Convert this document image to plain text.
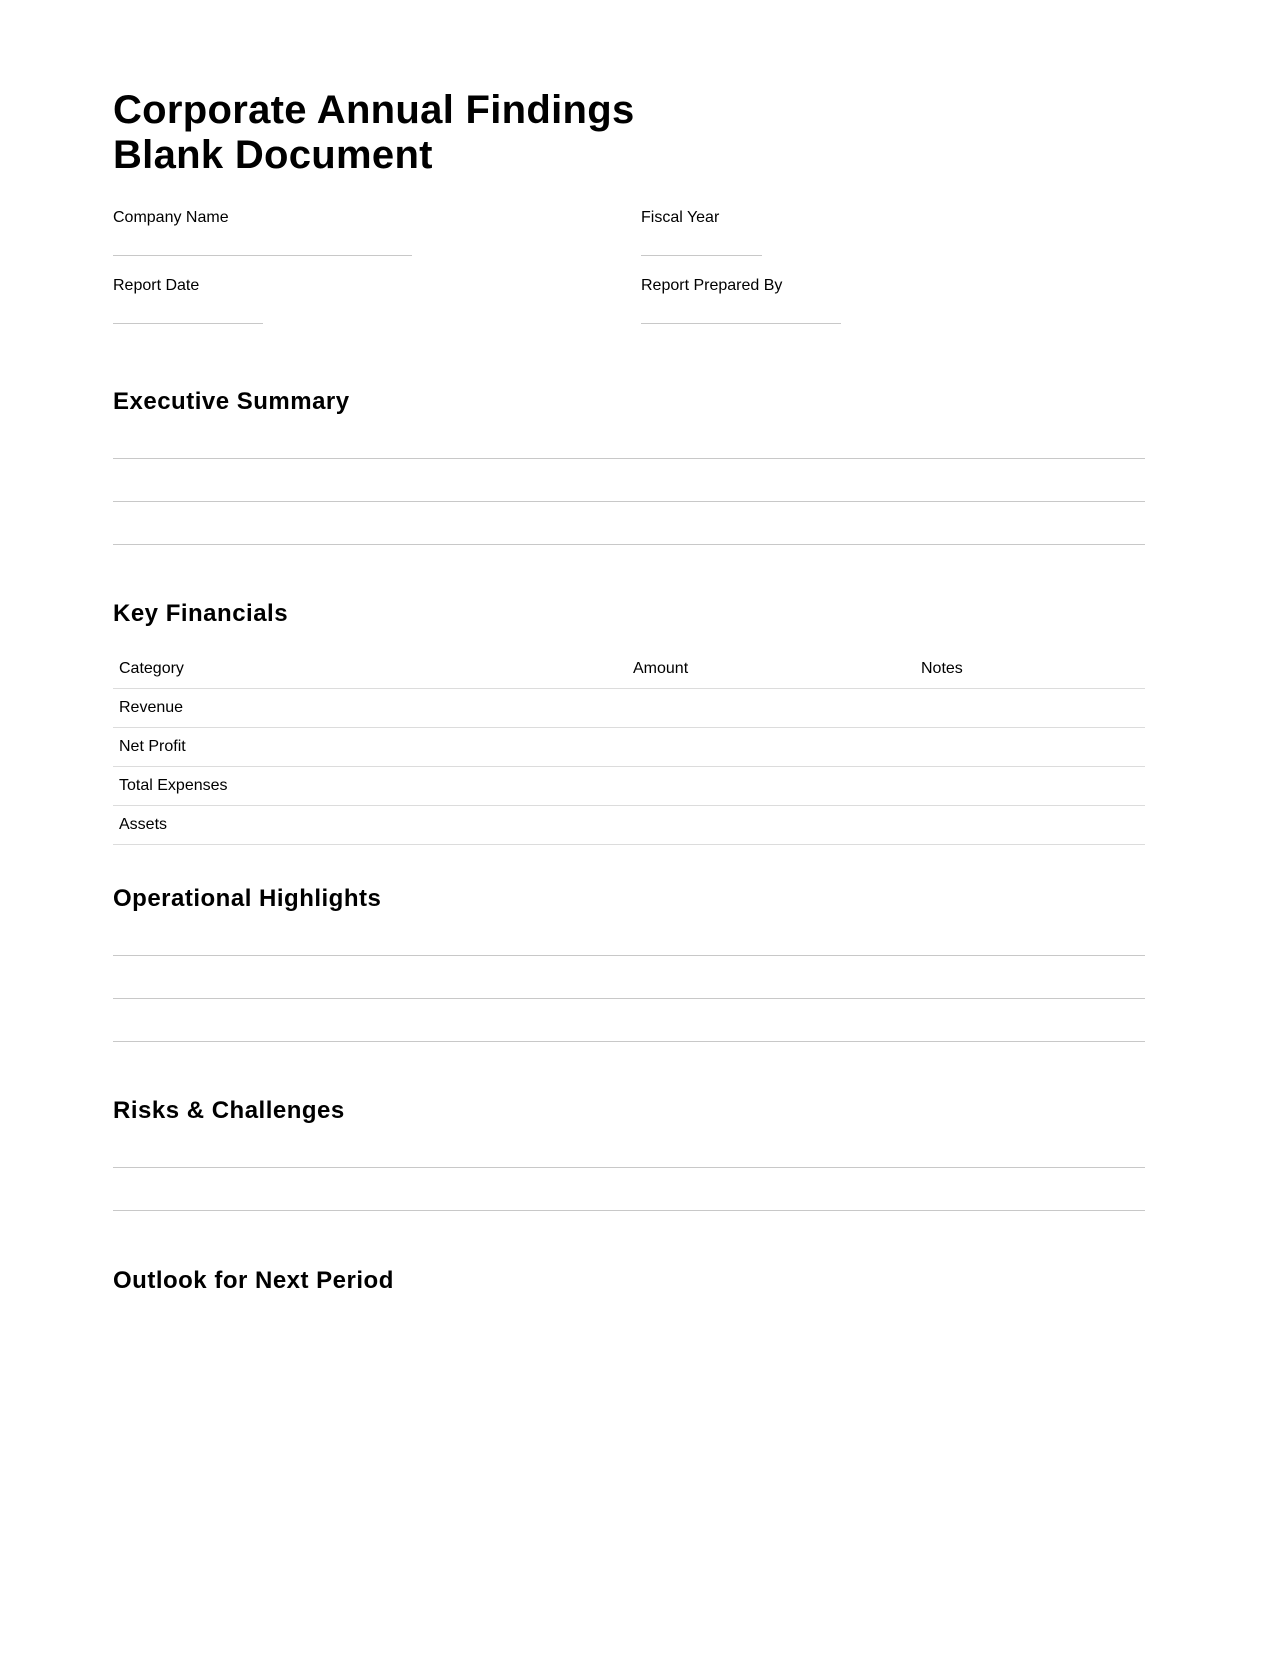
Corporate Annual Findings
Blank Document
Company Name	Fiscal Year
Report Date	Report Prepared By
Executive Summary
Key Financials
Category	Amount	Notes
Revenue		
Net Profit		
Total Expenses		
Assets		
Operational Highlights
Risks & Challenges
Outlook for Next Period
